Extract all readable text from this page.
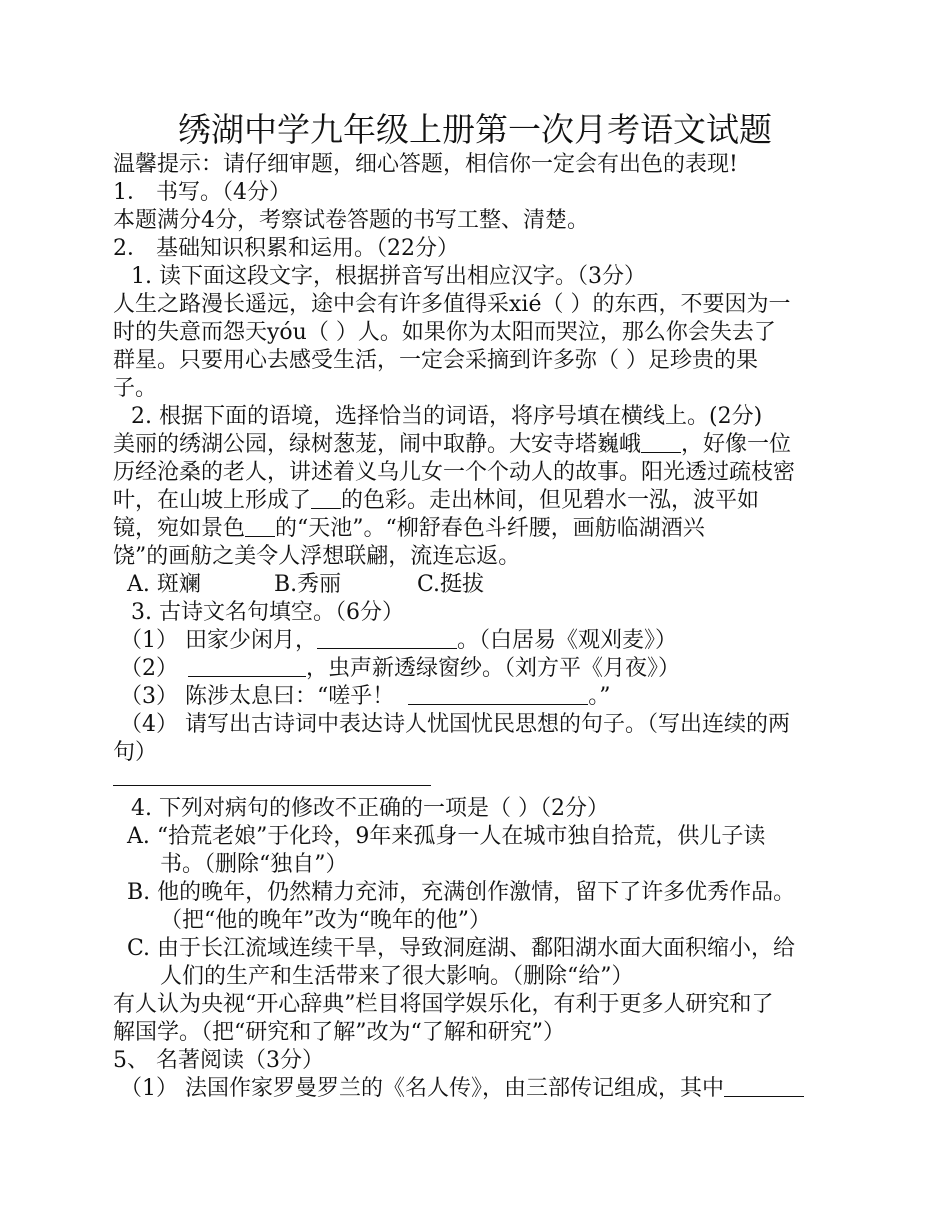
绣湖中学九年级上册第一次月考语文试题
温馨提示：请仔细审题，细心答题，相信你一定会有出色的表现!
1． 书写。（4分）
本题满分4分，考察试卷答题的书写工整、清楚。
2． 基础知识积累和运用。（22分）
1. 读下面这段文字，根据拼音写出相应汉字。（3分）
人生之路漫长遥远，途中会有许多值得采xié（ ）的东西，不要因为一
时的失意而怨天yóu（ ）人。如果你为太阳而哭泣，那么你会失去了
群星。只要用心去感受生活，一定会采摘到许多弥（ ）足珍贵的果
子。
2. 根据下面的语境，选择恰当的词语，将序号填在横线上。(2分)
美丽的绣湖公园，绿树葱茏，闹中取静。大安寺塔巍峨 ，好像一位
历经沧桑的老人，讲述着义乌儿女一个个动人的故事。阳光透过疏枝密
叶，在山坡上形成了 的色彩。走出林间，但见碧水一泓，波平如
镜，宛如景色 的“天池”。“柳舒春色斗纤腰，画舫临湖酒兴
饶”的画舫之美令人浮想联翩，流连忘返。
A. 斑斓	B.秀丽	C.挺拔
3. 古诗文名句填空。（6分）
（1） 田家少闲月，	。（白居易《观刈麦》）
（2）	，虫声新透绿窗纱。（刘方平《月夜》）
（3） 陈涉太息曰：“嗟乎！	。”
（4） 请写出古诗词中表达诗人忧国忧民思想的句子。（写出连续的两
句）
4. 下列对病句的修改不正确的一项是（ ）（2分）
A. “拾荒老娘”于化玲，9年来孤身一人在城市独自拾荒，供儿子读
书。（删除“独自”）
B. 他的晚年，仍然精力充沛，充满创作激情，留下了许多优秀作品。
（把“他的晚年”改为“晚年的他”）
C. 由于长江流域连续干旱，导致洞庭湖、鄱阳湖水面大面积缩小，给
人们的生产和生活带来了很大影响。（删除“给”）
有人认为央视“开心辞典”栏目将国学娱乐化，有利于更多人研究和了
解国学。（把“研究和了解”改为“了解和研究”）
5、 名著阅读（3分）
（1） 法国作家罗曼罗兰的《名人传》，由三部传记组成，其中
